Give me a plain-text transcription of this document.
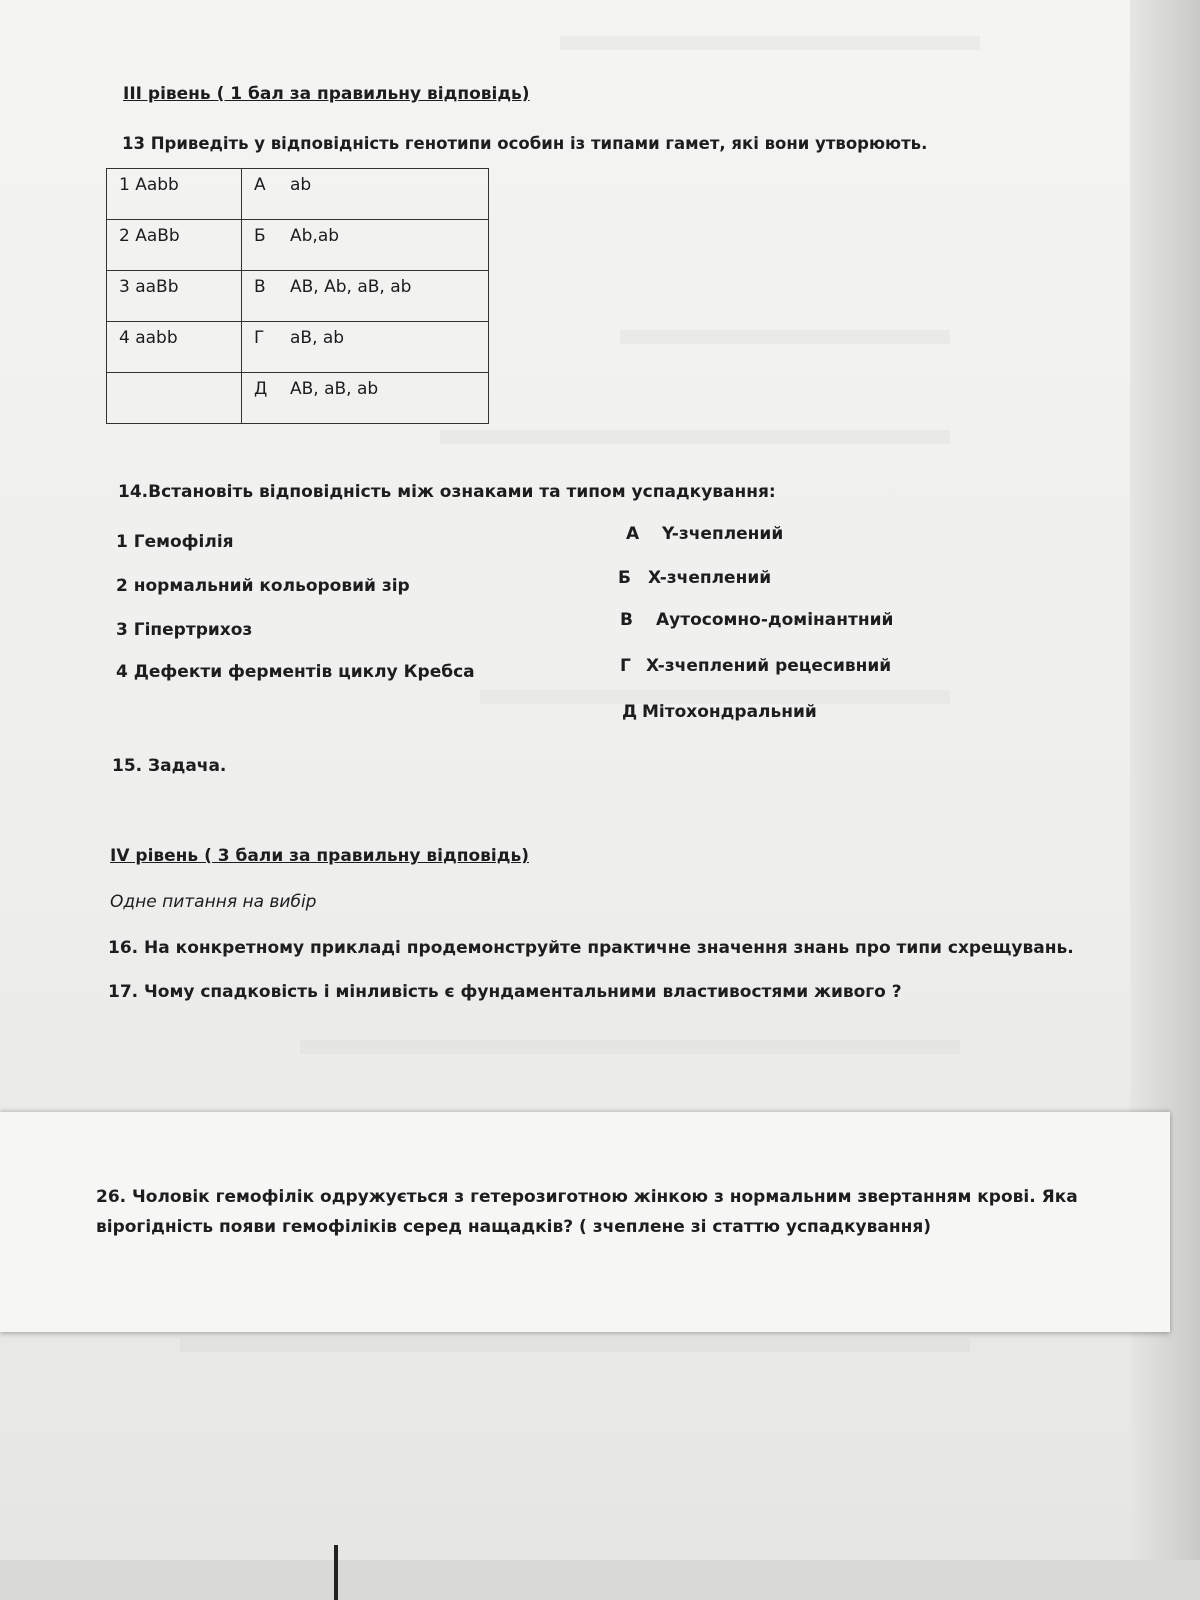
ІІІ рівень ( 1 бал за правильну відповідь)
13 Приведіть у відповідність генотипи особин із типами гамет, які вони утворюють.
1 Aabb	А ab
2 AaBb	Б Ab,ab
3 aaBb	В AB, Ab, aB, ab
4 aabb	Г aB, ab
	Д AB, aB, ab
14.Встановіть відповідність між ознаками та типом успадкування:
1 Гемофілія
2 нормальний кольоровий зір
3 Гіпертрихоз
4 Дефекти ферментів циклу Кребса
А Y-зчеплений
Б X-зчеплений
В Аутосомно-домінантний
Г X-зчеплений рецесивний
Д Мітохондральний
15. Задача.
IV рівень ( 3 бали за правильну відповідь)
Одне питання на вибір
16. На конкретному прикладі продемонструйте практичне значення знань про типи схрещувань.
17. Чому спадковість і мінливість є фундаментальними властивостями живого ?
26. Чоловік гемофілік одружується з гетерозиготною жінкою з нормальним звертанням крові. Яка вірогідність появи гемофіліків серед нащадків? ( зчеплене зі статтю успадкування)
